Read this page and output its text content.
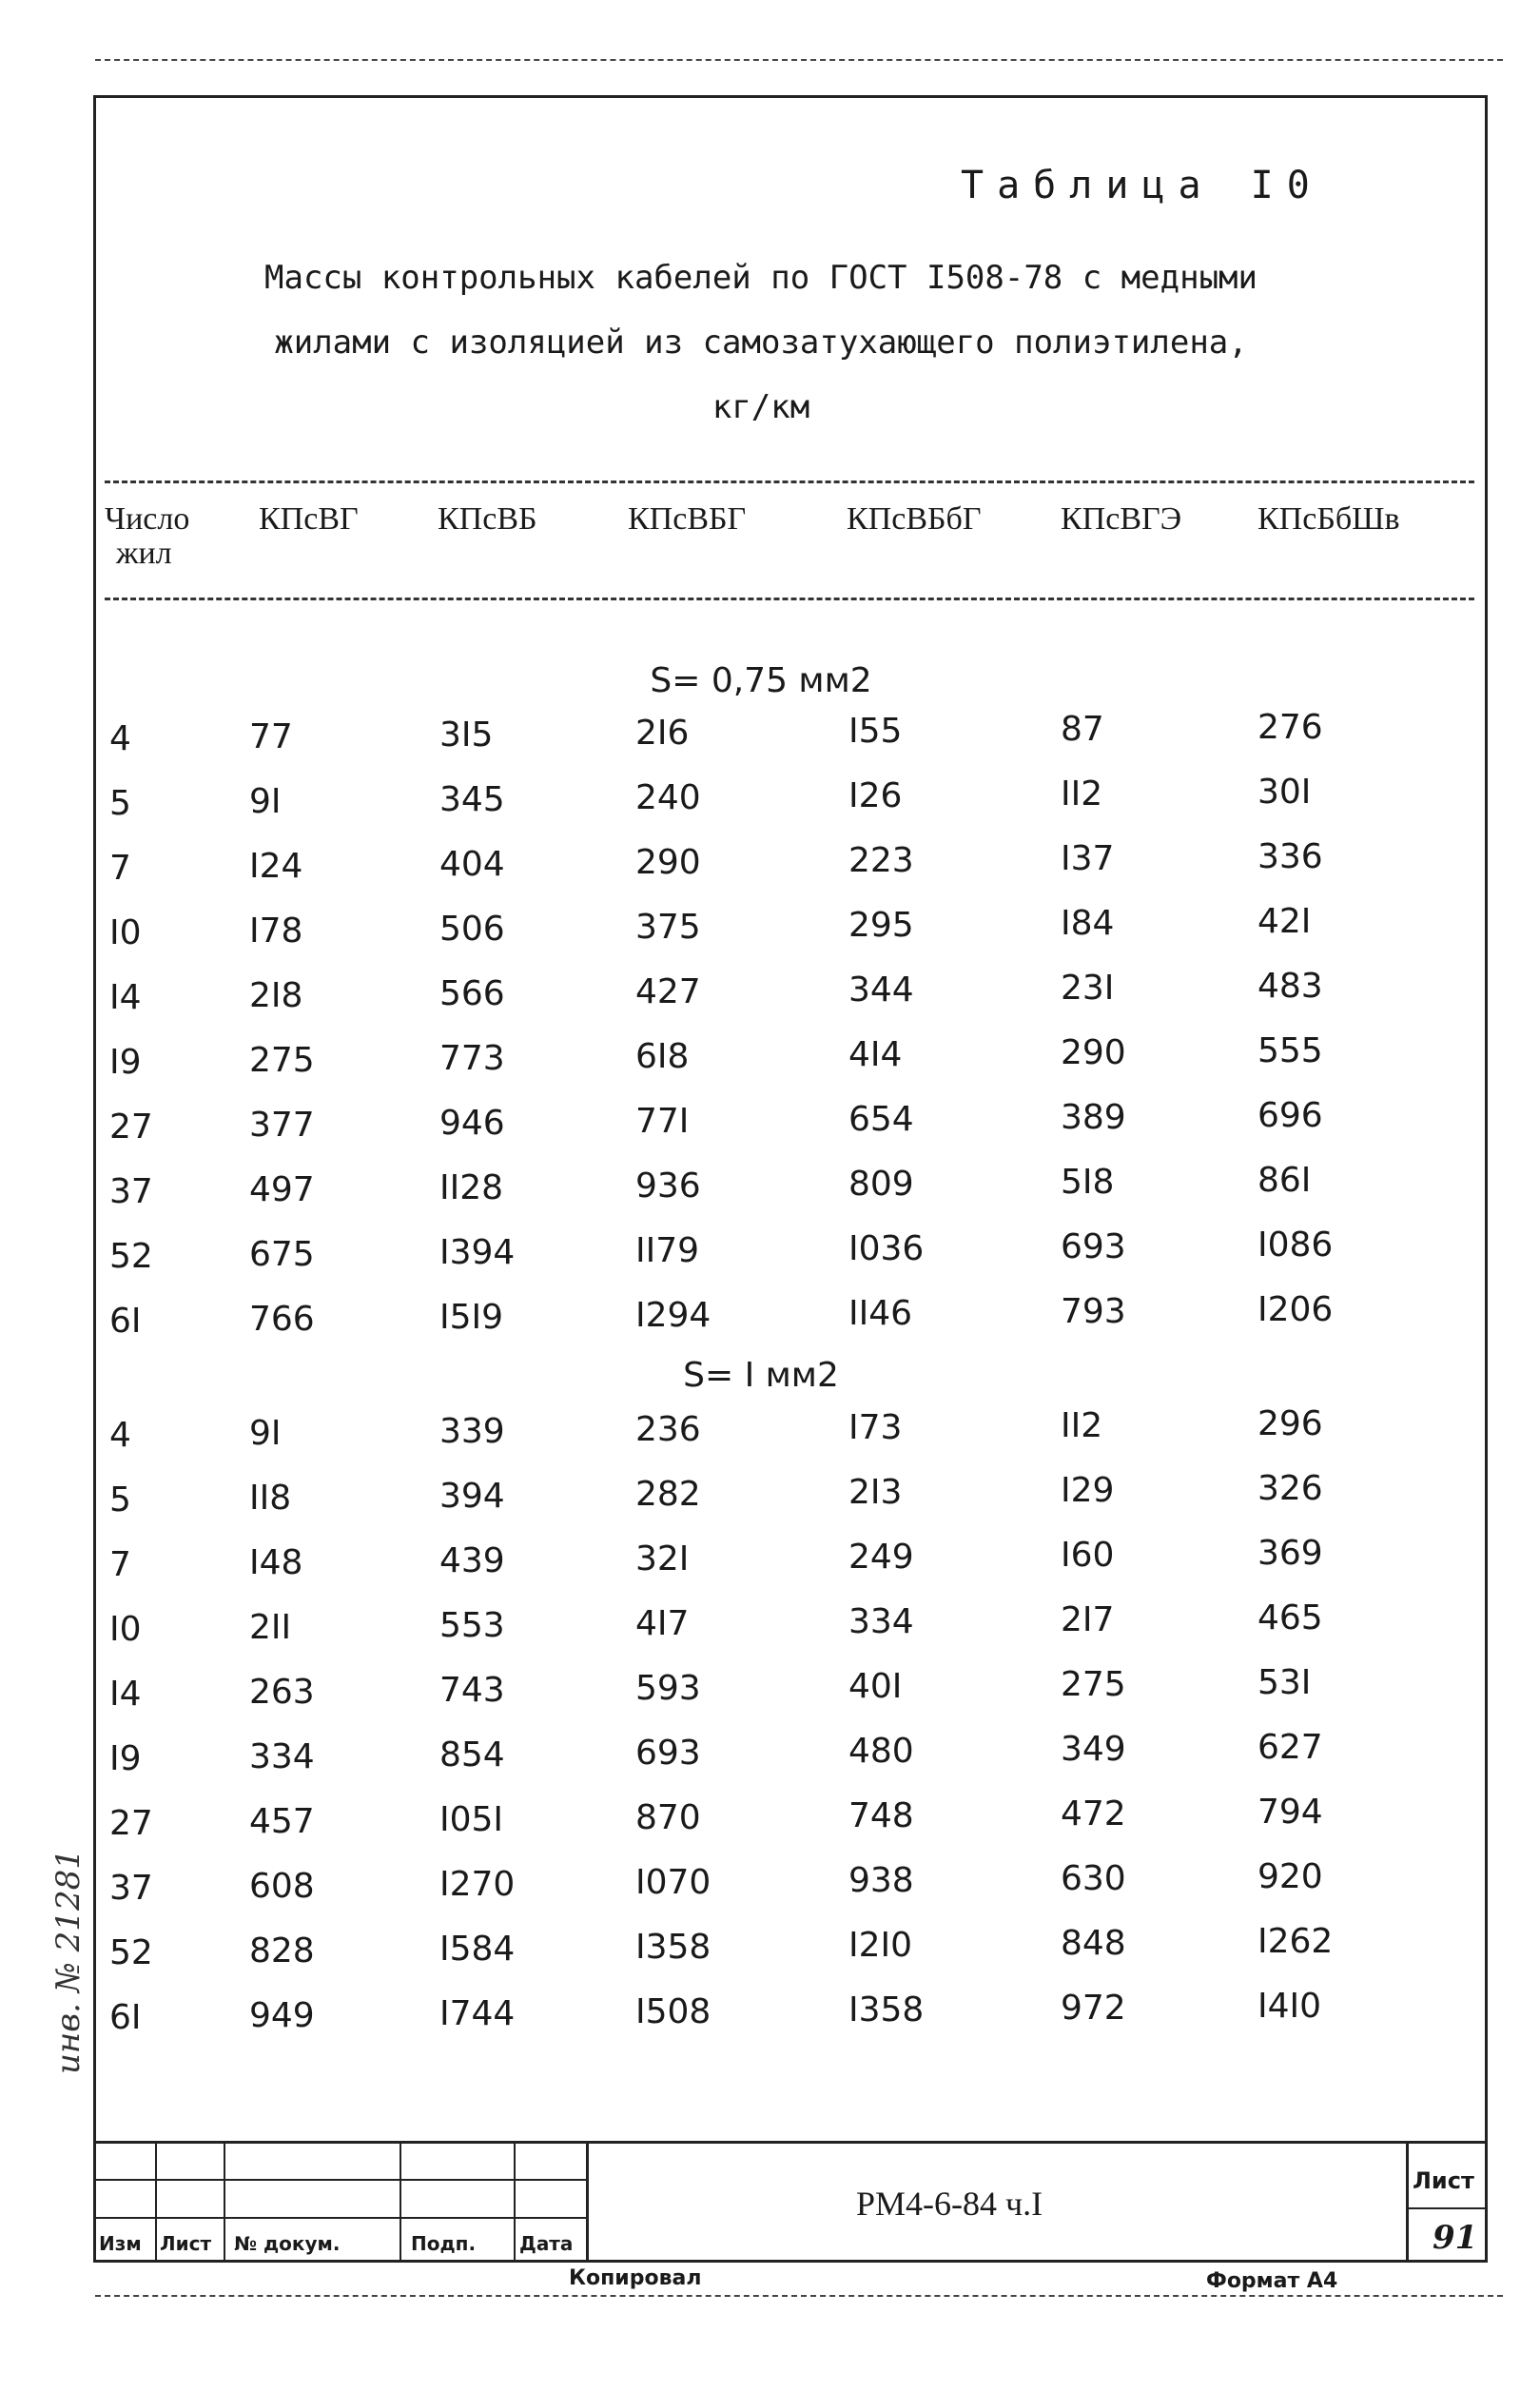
Таблица I0
Массы контрольных кабелей по ГОСТ I508-78 с медными
жилами с изоляцией из самозатухающего полиэтилена,
кг/км
Число
жил
КПсВГ КПсВБ	КПсВБГ	КПсВБбГ КПсВГЭ КПсБбШв
S= 0,75 мм2
4	77	3I5	2I6	I55	87	276
5	9I	345	240	I26	II2	30I
7	I24	404	290	223	I37	336
I0	I78	506	375	295	I84	42I
I4	2I8	566	427	344	23I	483
I9	275	773	6I8	4I4	290	555
27	377	946	77I	654	389	696
37	497	II28	936	809	5I8	86I
52	675	I394	II79	I036	693	I086
6I	766	I5I9	I294	II46	793	I206
S= I мм2
4	9I	339	236	I73	II2	296
5	II8	394	282	2I3	I29	326
7	I48	439	32I	249	I60	369
I0	2II	553	4I7	334	2I7	465
I4	263	743	593	40I	275	53I
I9	334	854	693	480	349	627
27	457	I05I	870	748	472	794
37	608	I270	I070	938	630	920
52	828	I584	I358	I2I0	848	I262
6I	949	I744	I508	I358	972	I4I0
Изм Лист № докум.	Подп. Дата
РМ4-6-84 ч.I
Лист
91
Копировал	Формат А4
инв. № 21281
